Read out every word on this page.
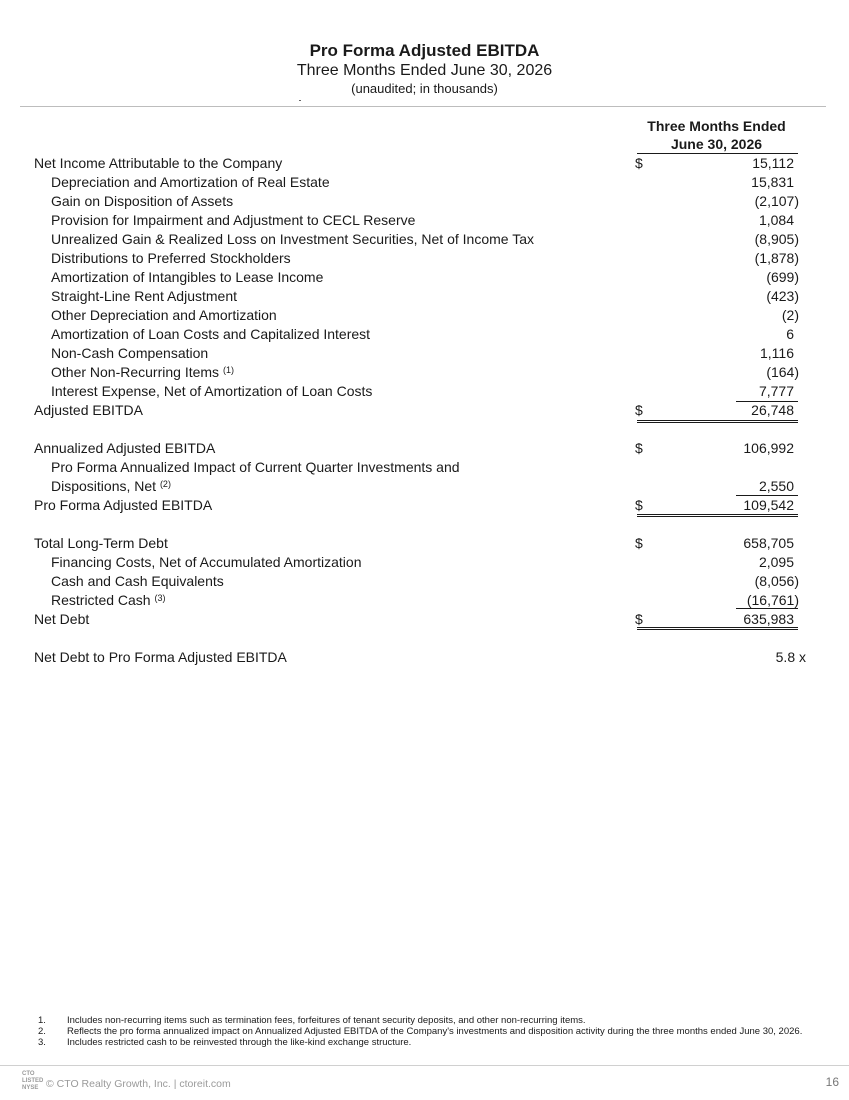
Pro Forma Adjusted EBITDA
Three Months Ended June 30, 2026
(unaudited; in thousands)
Three Months Ended
June 30, 2026
Net Income Attributable to the Company	$	15,112
Depreciation and Amortization of Real Estate	15,831
Gain on Disposition of Assets	(2,107)
Provision for Impairment and Adjustment to CECL Reserve	1,084
Unrealized Gain & Realized Loss on Investment Securities, Net of Income Tax	(8,905)
Distributions to Preferred Stockholders	(1,878)
Amortization of Intangibles to Lease Income	(699)
Straight-Line Rent Adjustment	(423)
Other Depreciation and Amortization	(2)
Amortization of Loan Costs and Capitalized Interest	6
Non-Cash Compensation	1,116
Other Non-Recurring Items $^{(1)}$	(164)
Interest Expense, Net of Amortization of Loan Costs	7,777
Adjusted EBITDA	$	26,748
Annualized Adjusted EBITDA	$	106,992
Pro Forma Annualized Impact of Current Quarter Investments and
Dispositions, Net $^{(2)}$	2,550
Pro Forma Adjusted EBITDA	$	109,542
Total Long-Term Debt	$	658,705
Financing Costs, Net of Accumulated Amortization	2,095
Cash and Cash Equivalents	(8,056)
Restricted Cash $^{(3)}$	(16,761)
Net Debt	$	635,983
Net Debt to Pro Forma Adjusted EBITDA	5.8 x
1. Includes non-recurring items such as termination fees, forfeitures of tenant security deposits, and other non-recurring items.
2. Reflects the pro forma annualized impact on Annualized Adjusted EBITDA of the Company's investments and disposition activity during the three months ended June 30, 2026.
3. Includes restricted cash to be reinvested through the like-kind exchange structure.
CTO LISTED NYSE © CTO Realty Growth, Inc. | ctoreit.com	16
